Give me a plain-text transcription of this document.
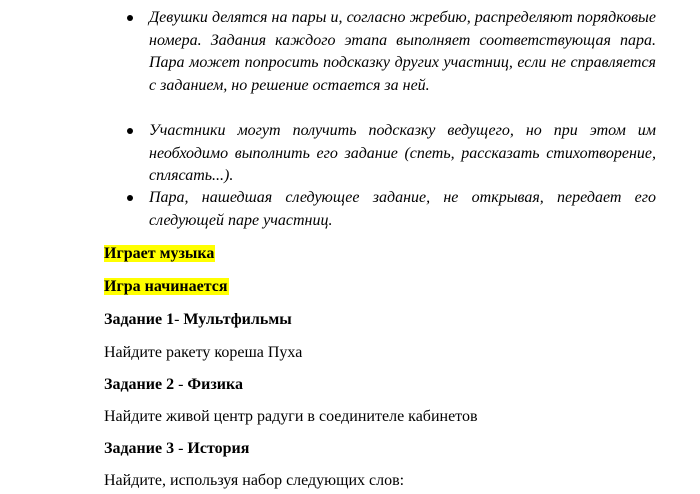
Девушки делятся на пары и, согласно жребию, распределяют порядковые номера. Задания каждого этапа выполняет соответствующая пара. Пара может попросить подсказку других участниц, если не справляется с заданием, но решение остается за ней.
Участники могут получить подсказку ведущего, но при этом им необходимо выполнить его задание (спеть, рассказать стихотворение, сплясать...).
Пара, нашедшая следующее задание, не открывая, передает его следующей паре участниц.
Играет музыка
Игра начинается
Задание 1- Мультфильмы
Найдите ракету кореша Пуха
Задание 2 - Физика
Найдите живой центр радуги в соединителе кабинетов
Задание 3 - История
Найдите, используя набор следующих слов:
